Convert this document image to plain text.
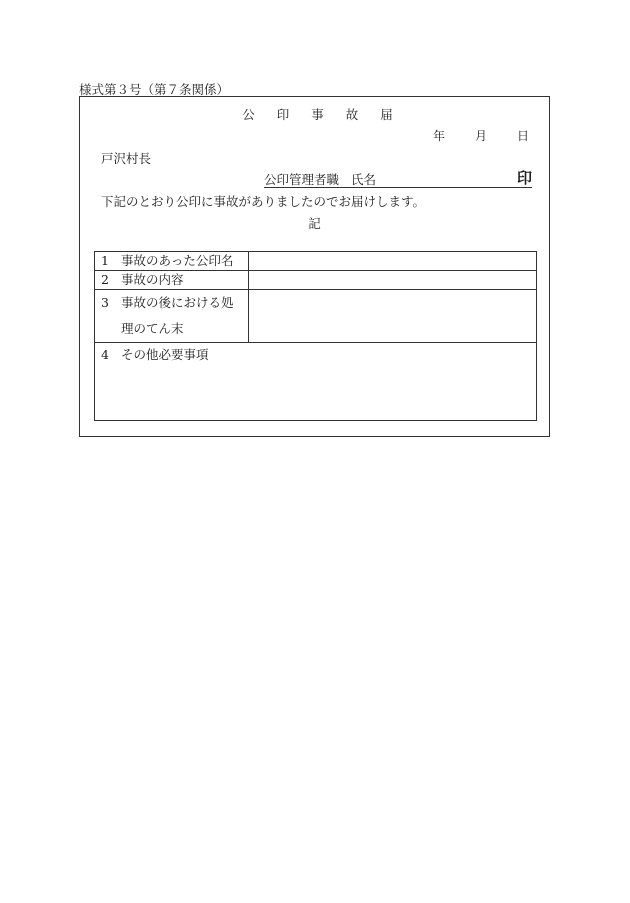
様式第３号（第７条関係）
公印事故届
年	月	日
戸沢村長
公印管理者職 氏名	印
下記のとおり公印に事故がありましたのでお届けします。
記
1 事故のあった公印名	
2 事故の内容	
3 事故の後における処
理のてん末	
4 その他必要事項	
